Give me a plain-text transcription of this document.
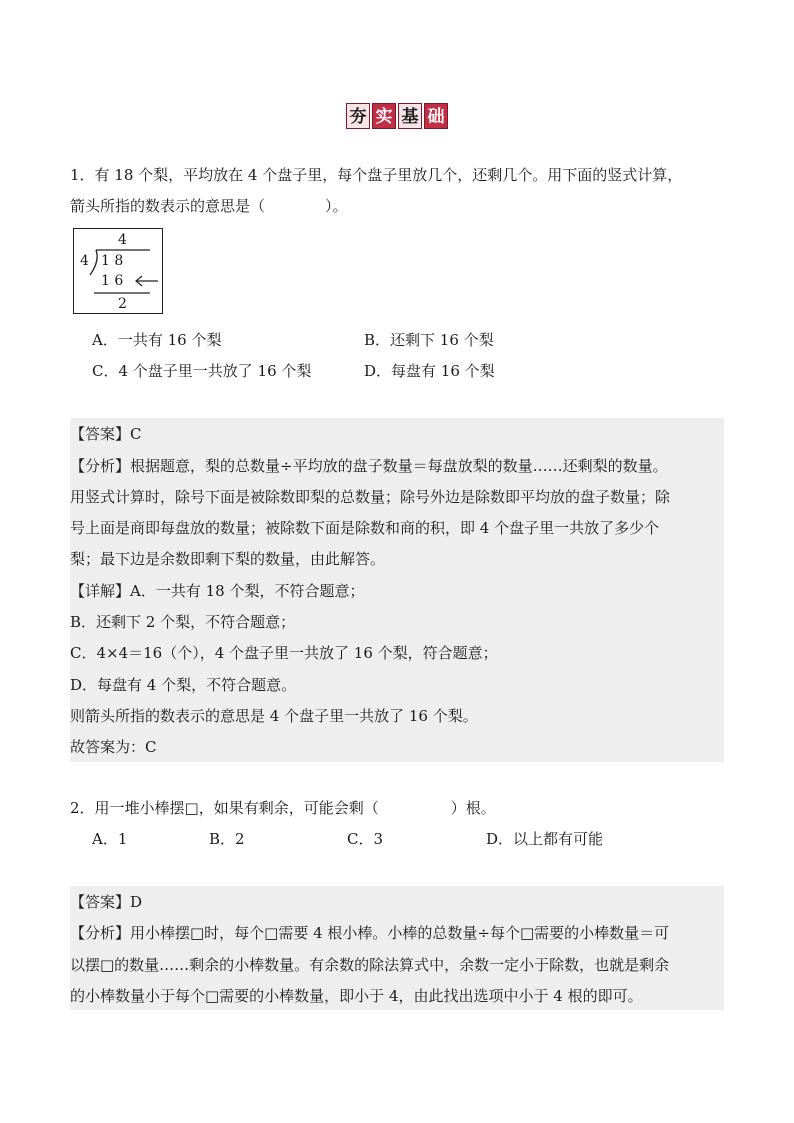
夯 实 基 础
1．有 18 个梨，平均放在 4 个盘子里，每个盘子里放几个，还剩几个。用下面的竖式计算，
箭头所指的数表示的意思是（	）。
4
4 1 8
1 6
2
A．一共有 16 个梨	B．还剩下 16 个梨
C．4 个盘子里一共放了 16 个梨	D．每盘有 16 个梨
【答案】C
【分析】根据题意，梨的总数量÷平均放的盘子数量＝每盘放梨的数量……还剩梨的数量。
用竖式计算时，除号下面是被除数即梨的总数量；除号外边是除数即平均放的盘子数量；除
号上面是商即每盘放的数量；被除数下面是除数和商的积，即 4 个盘子里一共放了多少个
梨；最下边是余数即剩下梨的数量，由此解答。
【详解】A．一共有 18 个梨，不符合题意；
B．还剩下 2 个梨，不符合题意；
C．4×4＝16（个），4 个盘子里一共放了 16 个梨，符合题意；
D．每盘有 4 个梨，不符合题意。
则箭头所指的数表示的意思是 4 个盘子里一共放了 16 个梨。
故答案为：C
2．用一堆小棒摆□，如果有剩余，可能会剩（	）根。
A．1	B．2	C．3	D．以上都有可能
【答案】D
【分析】用小棒摆□时，每个□需要 4 根小棒。小棒的总数量÷每个□需要的小棒数量＝可
以摆□的数量……剩余的小棒数量。有余数的除法算式中，余数一定小于除数，也就是剩余
的小棒数量小于每个□需要的小棒数量，即小于 4，由此找出选项中小于 4 根的即可。
